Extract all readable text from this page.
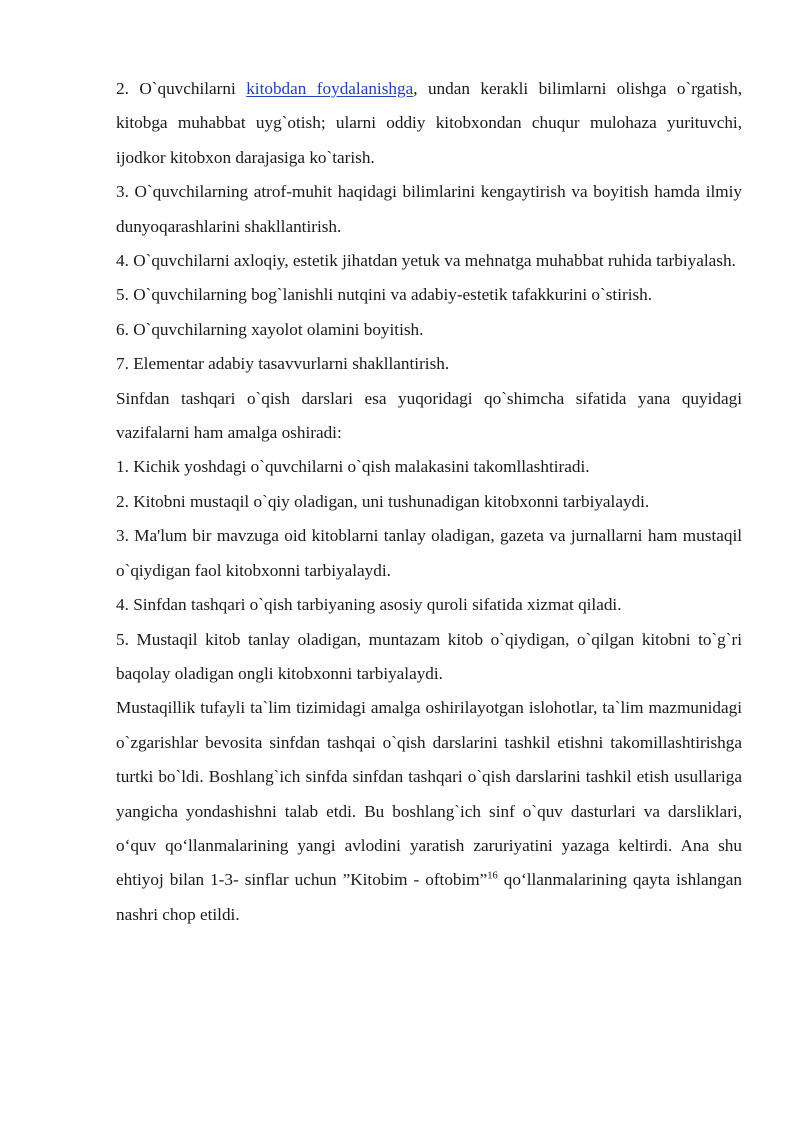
2. O`quvchilarni kitobdan foydalanishga, undan kerakli bilimlarni olishga o`rgatish, kitobga muhabbat uyg`otish; ularni oddiy kitobxondan chuqur mulohaza yurituvchi, ijodkor kitobxon darajasiga ko`tarish.

3. O`quvchilarning atrof-muhit haqidagi bilimlarini kengaytirish va boyitish hamda ilmiy dunyoqarashlarini shakllantirish.

4. O`quvchilarni axloqiy, estetik jihatdan yetuk va mehnatga muhabbat ruhida tarbiyalash.

5. O`quvchilarning bog`lanishli nutqini va adabiy-estetik tafakkurini o`stirish.

6. O`quvchilarning xayolot olamini boyitish.

7. Elementar adabiy tasavvurlarni shakllantirish.

Sinfdan tashqari o`qish darslari esa yuqoridagi qo`shimcha sifatida yana quyidagi vazifalarni ham amalga oshiradi:

1. Kichik yoshdagi o`quvchilarni o`qish malakasini takomllashtiradi.

2. Kitobni mustaqil o`qiy oladigan, uni tushunadigan kitobxonni tarbiyalaydi.

3. Ma'lum bir mavzuga oid kitoblarni tanlay oladigan, gazeta va jurnallarni ham mustaqil o`qiydigan faol kitobxonni tarbiyalaydi.

4. Sinfdan tashqari o`qish tarbiyaning asosiy quroli sifatida xizmat qiladi.

5. Mustaqil kitob tanlay oladigan, muntazam kitob o`qiydigan, o`qilgan kitobni to`g`ri baqolay oladigan ongli kitobxonni tarbiyalaydi.

Mustaqillik tufayli ta`lim tizimidagi amalga oshirilayotgan islohotlar, ta`lim mazmunidagi o`zgarishlar bevosita sinfdan tashqai o`qish darslarini tashkil etishni takomillashtirishga turtki bo`ldi. Boshlang`ich sinfda sinfdan tashqari o`qish darslarini tashkil etish usullariga yangicha yondashishni talab etdi. Bu boshlang`ich sinf o`quv dasturlari va darsliklari, o‘quv qo‘llanmalarining yangi avlodini yaratish zaruriyatini yazaga keltirdi. Ana shu ehtiyoj bilan 1-3- sinflar uchun ”Kitobim - oftobim”$^{16}$ qo‘llanmalarining qayta ishlangan nashri chop etildi.
